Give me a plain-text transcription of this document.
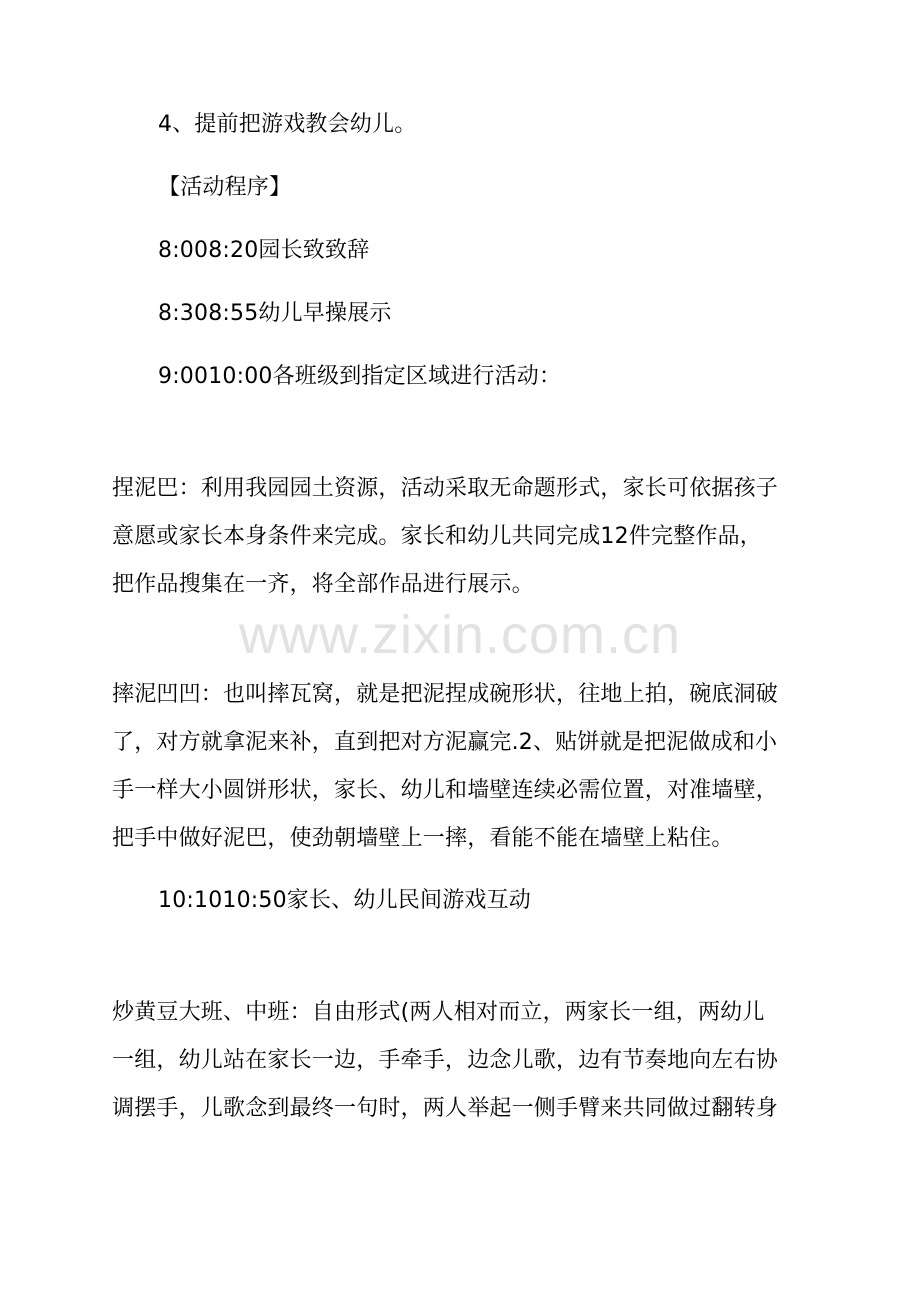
www.zixin.com.cn
4、提前把游戏教会幼儿。
【活动程序】
8:008:20园长致致辞
8:308:55幼儿早操展示
9:0010:00各班级到指定区域进行活动：
捏泥巴：利用我园园土资源，活动采取无命题形式，家长可依据孩子
意愿或家长本身条件来完成。家长和幼儿共同完成12件完整作品，
把作品搜集在一齐，将全部作品进行展示。
摔泥凹凹：也叫摔瓦窝，就是把泥捏成碗形状，往地上拍，碗底洞破
了，对方就拿泥来补，直到把对方泥赢完.2、贴饼就是把泥做成和小
手一样大小圆饼形状，家长、幼儿和墙壁连续必需位置，对准墙壁，
把手中做好泥巴，使劲朝墙壁上一摔，看能不能在墙壁上粘住。
10:1010:50家长、幼儿民间游戏互动
炒黄豆大班、中班：自由形式(两人相对而立，两家长一组，两幼儿
一组，幼儿站在家长一边，手牵手，边念儿歌，边有节奏地向左右协
调摆手，儿歌念到最终一句时，两人举起一侧手臂来共同做过翻转身
